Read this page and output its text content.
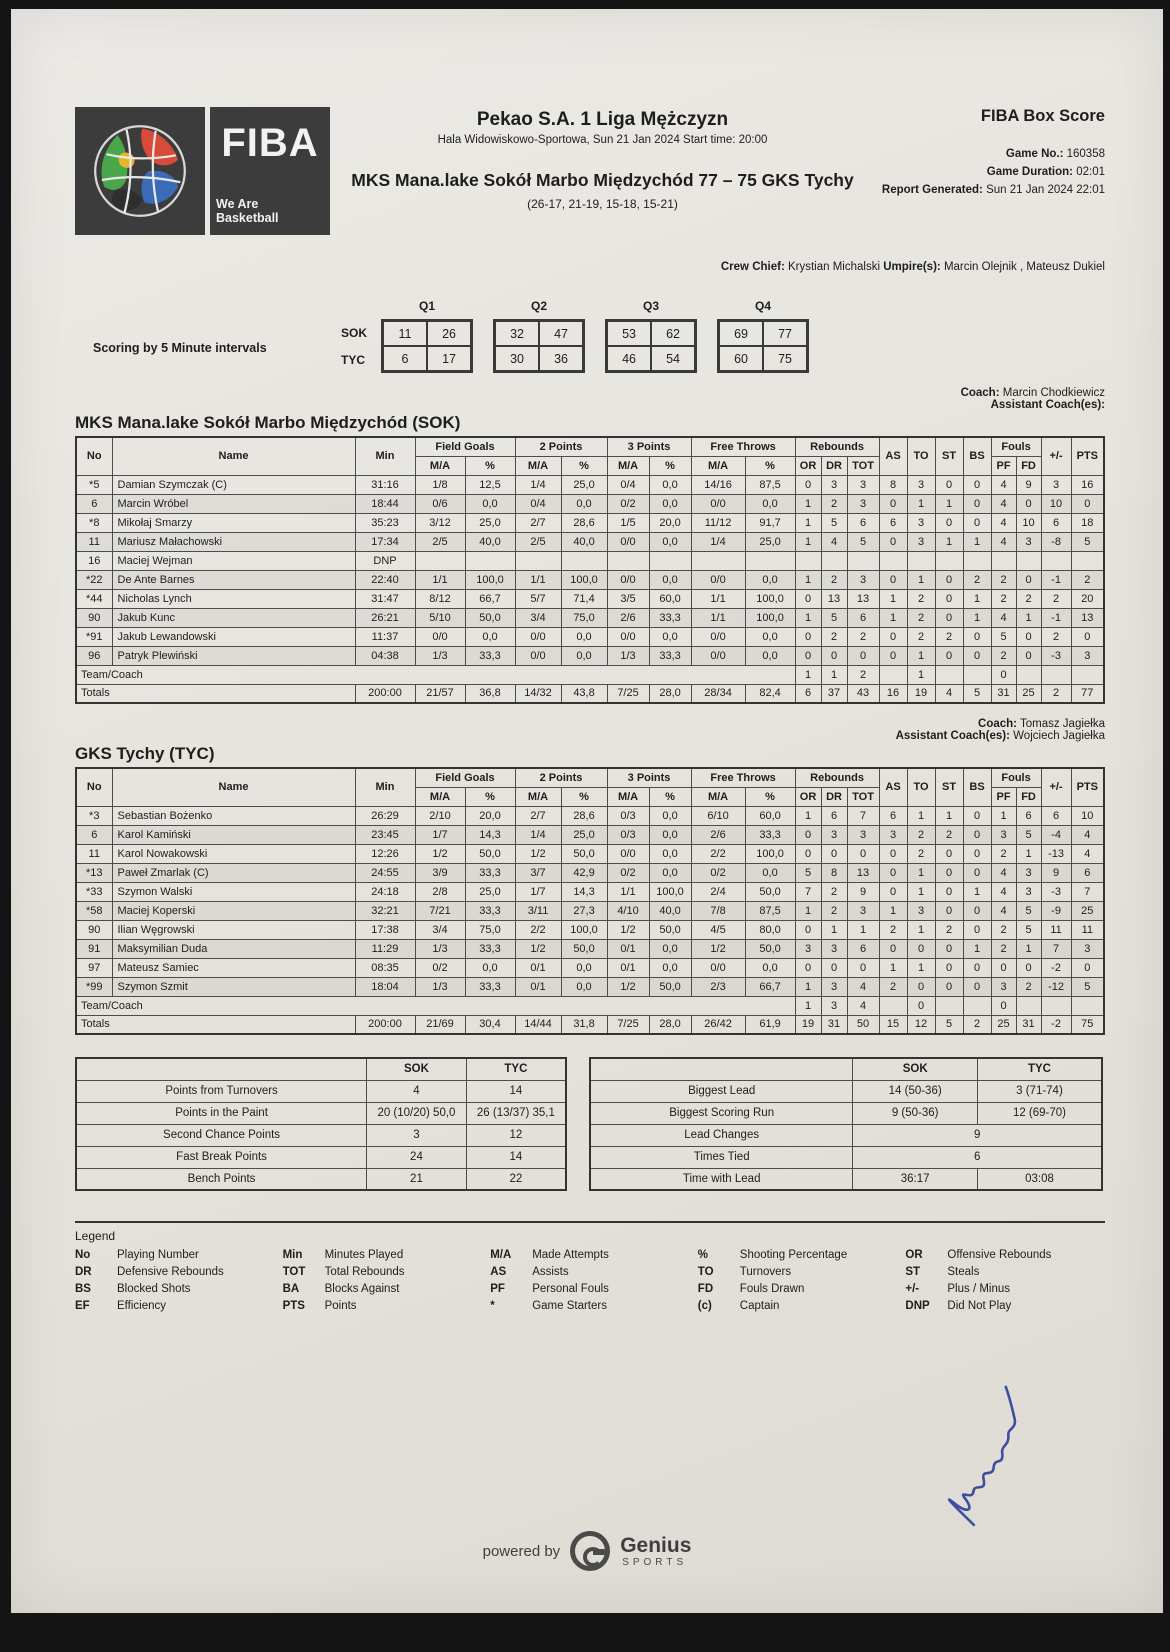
FIBA
We Are Basketball
Pekao S.A. 1 Liga Mężczyzn
Hala Widowiskowo-Sportowa, Sun 21 Jan 2024 Start time: 20:00
MKS Mana.lake Sokół Marbo Międzychód 77 – 75 GKS Tychy
(26-17, 21-19, 15-18, 15-21)
FIBA Box Score
Game No.: 160358
Game Duration: 02:01
Report Generated: Sun 21 Jan 2024 22:01
Crew Chief: Krystian Michalski Umpire(s): Marcin Olejnik , Mateusz Dukiel
Scoring by 5 Minute intervals
SOK
TYC
Q1
11	26
6	17
Q2
32	47
30	36
Q3
53	62
46	54
Q4
69	77
60	75
Coach: Marcin Chodkiewicz
Assistant Coach(es):
MKS Mana.lake Sokół Marbo Międzychód (SOK)
No	Name	Min	Field Goals		2 Points		3 Points		Free Throws		Rebounds			AS	TO	ST	BS	Fouls		+/-	PTS
			M/A	%	M/A	%	M/A	%	M/A	%	OR	DR	TOT					PF	FD		
*5	Damian Szymczak (C)	31:16	1/8	12,5	1/4	25,0	0/4	0,0	14/16	87,5	0	3	3	8	3	0	0	4	9	3	16
6	Marcin Wróbel	18:44	0/6	0,0	0/4	0,0	0/2	0,0	0/0	0,0	1	2	3	0	1	1	0	4	0	10	0
*8	Mikołaj Smarzy	35:23	3/12	25,0	2/7	28,6	1/5	20,0	11/12	91,7	1	5	6	6	3	0	0	4	10	6	18
11	Mariusz Małachowski	17:34	2/5	40,0	2/5	40,0	0/0	0,0	1/4	25,0	1	4	5	0	3	1	1	4	3	-8	5
16	Maciej Wejman	DNP																			
*22	De Ante Barnes	22:40	1/1	100,0	1/1	100,0	0/0	0,0	0/0	0,0	1	2	3	0	1	0	2	2	0	-1	2
*44	Nicholas Lynch	31:47	8/12	66,7	5/7	71,4	3/5	60,0	1/1	100,0	0	13	13	1	2	0	1	2	2	2	20
90	Jakub Kunc	26:21	5/10	50,0	3/4	75,0	2/6	33,3	1/1	100,0	1	5	6	1	2	0	1	4	1	-1	13
*91	Jakub Lewandowski	11:37	0/0	0,0	0/0	0,0	0/0	0,0	0/0	0,0	0	2	2	0	2	2	0	5	0	2	0
96	Patryk Plewiński	04:38	1/3	33,3	0/0	0,0	1/3	33,3	0/0	0,0	0	0	0	0	1	0	0	2	0	-3	3
Team/Coach											1	1	2		1			0			
Totals		200:00	21/57	36,8	14/32	43,8	7/25	28,0	28/34	82,4	6	37	43	16	19	4	5	31	25	2	77
Coach: Tomasz Jagiełka
Assistant Coach(es): Wojciech Jagiełka
GKS Tychy (TYC)
No	Name	Min	Field Goals		2 Points		3 Points		Free Throws		Rebounds			AS	TO	ST	BS	Fouls		+/-	PTS
			M/A	%	M/A	%	M/A	%	M/A	%	OR	DR	TOT					PF	FD		
*3	Sebastian Bożenko	26:29	2/10	20,0	2/7	28,6	0/3	0,0	6/10	60,0	1	6	7	6	1	1	0	1	6	6	10
6	Karol Kamiński	23:45	1/7	14,3	1/4	25,0	0/3	0,0	2/6	33,3	0	3	3	3	2	2	0	3	5	-4	4
11	Karol Nowakowski	12:26	1/2	50,0	1/2	50,0	0/0	0,0	2/2	100,0	0	0	0	0	2	0	0	2	1	-13	4
*13	Paweł Zmarlak (C)	24:55	3/9	33,3	3/7	42,9	0/2	0,0	0/2	0,0	5	8	13	0	1	0	0	4	3	9	6
*33	Szymon Walski	24:18	2/8	25,0	1/7	14,3	1/1	100,0	2/4	50,0	7	2	9	0	1	0	1	4	3	-3	7
*58	Maciej Koperski	32:21	7/21	33,3	3/11	27,3	4/10	40,0	7/8	87,5	1	2	3	1	3	0	0	4	5	-9	25
90	Ilian Węgrowski	17:38	3/4	75,0	2/2	100,0	1/2	50,0	4/5	80,0	0	1	1	2	1	2	0	2	5	11	11
91	Maksymilian Duda	11:29	1/3	33,3	1/2	50,0	0/1	0,0	1/2	50,0	3	3	6	0	0	0	1	2	1	7	3
97	Mateusz Samiec	08:35	0/2	0,0	0/1	0,0	0/1	0,0	0/0	0,0	0	0	0	1	1	0	0	0	0	-2	0
*99	Szymon Szmit	18:04	1/3	33,3	0/1	0,0	1/2	50,0	2/3	66,7	1	3	4	2	0	0	0	3	2	-12	5
Team/Coach											1	3	4		0			0			
Totals		200:00	21/69	30,4	14/44	31,8	7/25	28,0	26/42	61,9	19	31	50	15	12	5	2	25	31	-2	75
	SOK	TYC
Points from Turnovers	4	14
Points in the Paint	20 (10/20) 50,0	26 (13/37) 35,1
Second Chance Points	3	12
Fast Break Points	24	14
Bench Points	21	22
	SOK	TYC
Biggest Lead	14 (50-36)	3 (71-74)
Biggest Scoring Run	9 (50-36)	12 (69-70)
Lead Changes	9	
Times Tied	6	
Time with Lead	36:17	03:08
Legend
No	Playing Number	Min	Minutes Played	M/A	Made Attempts	%	Shooting Percentage	OR	Offensive Rebounds
DR	Defensive Rebounds	TOT	Total Rebounds	AS	Assists	TO	Turnovers	ST	Steals
BS	Blocked Shots	BA	Blocks Against	PF	Personal Fouls	FD	Fouls Drawn	+/-	Plus / Minus
EF	Efficiency	PTS	Points	*	Game Starters	(c)	Captain	DNP	Did Not Play
powered by	Genius
SPORTS
